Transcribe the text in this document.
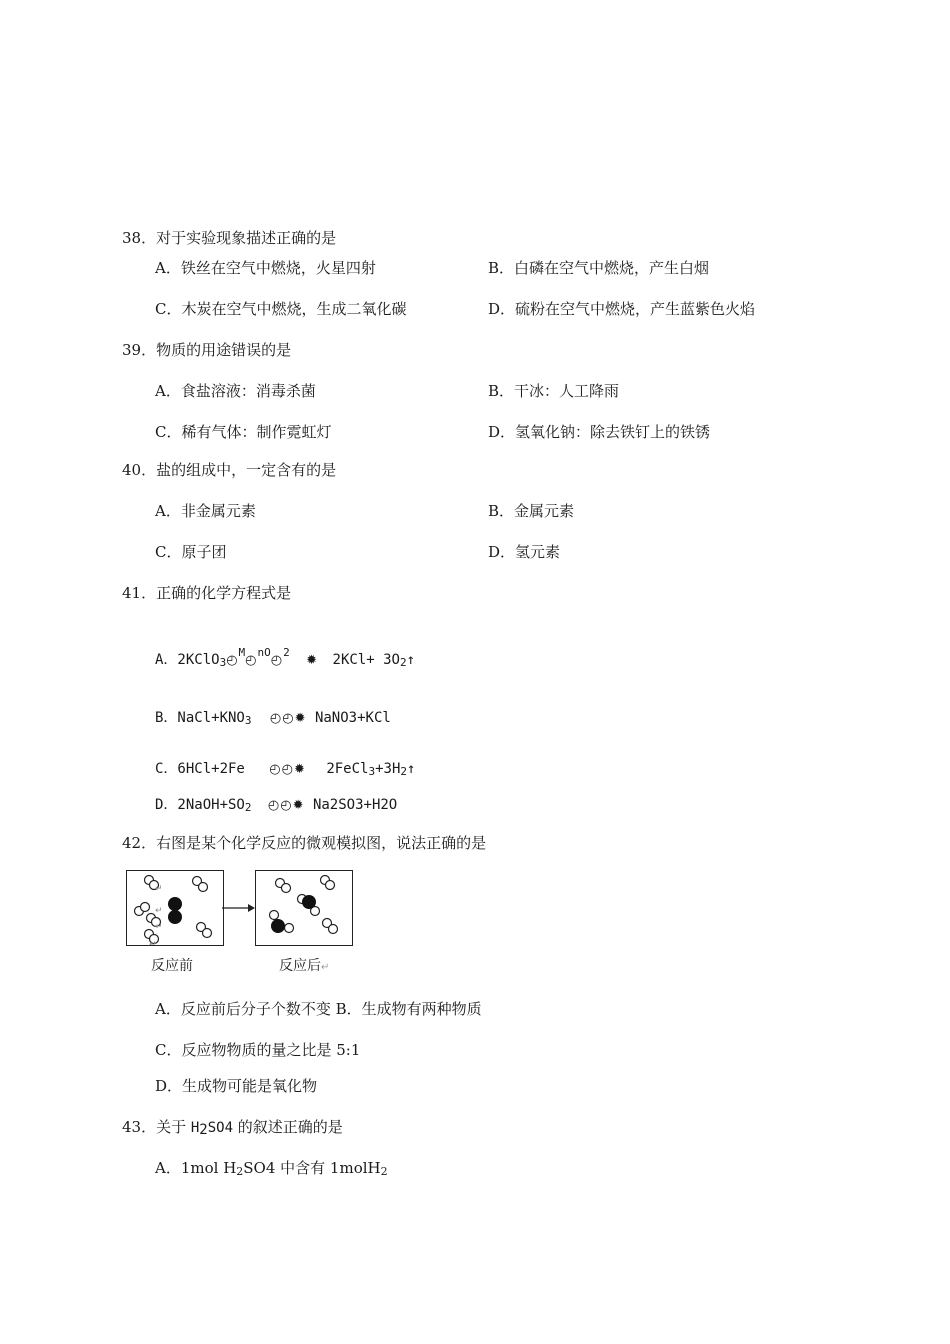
38．对于实验现象描述正确的是
A．铁丝在空气中燃烧，火星四射	B．白磷在空气中燃烧，产生白烟
C．木炭在空气中燃烧，生成二氧化碳	D．硫粉在空气中燃烧，产生蓝紫色火焰
39．物质的用途错误的是
A．食盐溶液：消毒杀菌	B．干冰：人工降雨
C．稀有气体：制作霓虹灯	D．氢氧化钠：除去铁钉上的铁锈
40．盐的组成中，一定含有的是
A．非金属元素	B．金属元素
C．原子团	D．氢元素
41．正确的化学方程式是
A．2KClO$_3$◴$^M$◴$^{nO}$◴$^2$ ✹ $2KCl+ 3O_2↑$
B．$NaCl+KNO_3$ ◴◴✹ NaNO3+KCl
C．6HCl+2Fe ◴◴✹ $2FeCl_3+3H_2↑$
D．$2NaOH+SO_2$ ◴◴✹ Na2SO3+H2O
42．右图是某个化学反应的微观模拟图，说法正确的是
↵
↵
↵
↵
反应前	反应后↵
A．反应前后分子个数不变 B．生成物有两种物质
C．反应物物质的量之比是 5:1
D．生成物可能是氧化物
43．关于 $H_2SO4$ 的叙述正确的是
A．1mol $H_2SO4$ 中含有 1molH$_2$
